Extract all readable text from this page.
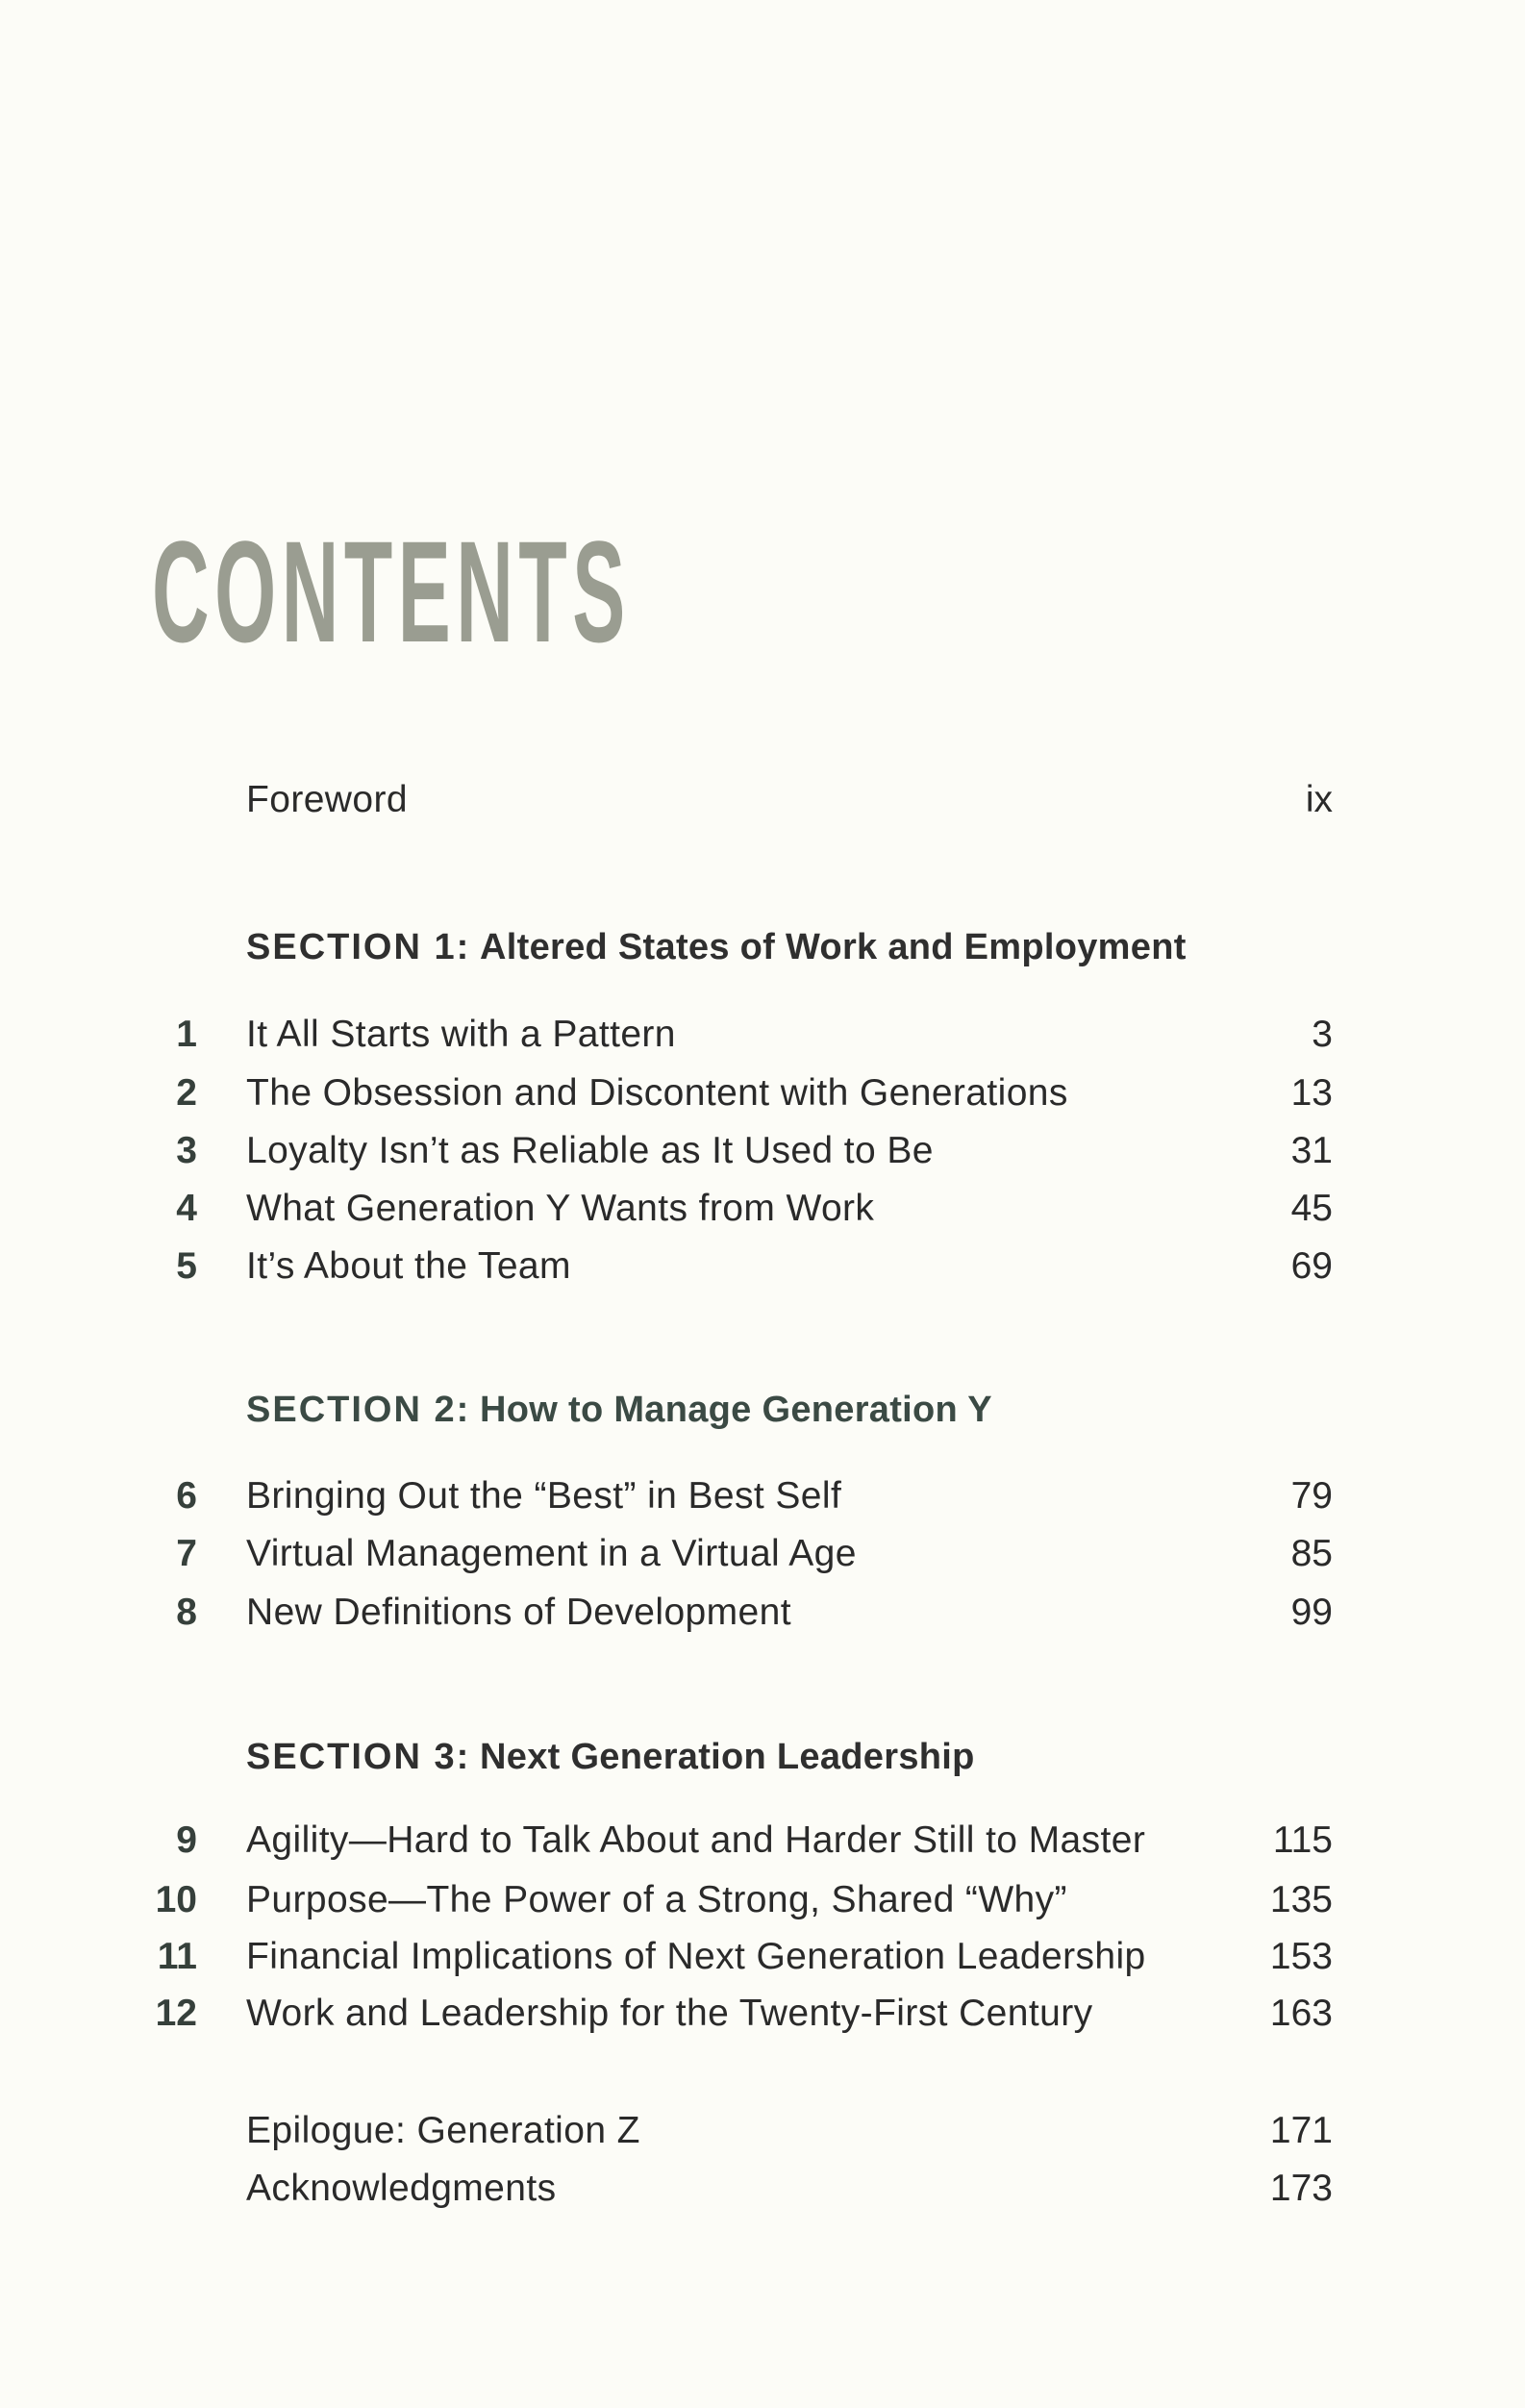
CONTENTS
Foreword	ix
SECTION 1: Altered States of Work and Employment
1 It All Starts with a Pattern	3
2 The Obsession and Discontent with Generations	13
3 Loyalty Isn’t as Reliable as It Used to Be	31
4 What Generation Y Wants from Work	45
5 It’s About the Team	69
SECTION 2: How to Manage Generation Y
6 Bringing Out the “Best” in Best Self	79
7 Virtual Management in a Virtual Age	85
8 New Definitions of Development	99
SECTION 3: Next Generation Leadership
9 Agility—Hard to Talk About and Harder Still to Master	115
10 Purpose—The Power of a Strong, Shared “Why”	135
11 Financial Implications of Next Generation Leadership	153
12 Work and Leadership for the Twenty-First Century	163
Epilogue: Generation Z	171
Acknowledgments	173
